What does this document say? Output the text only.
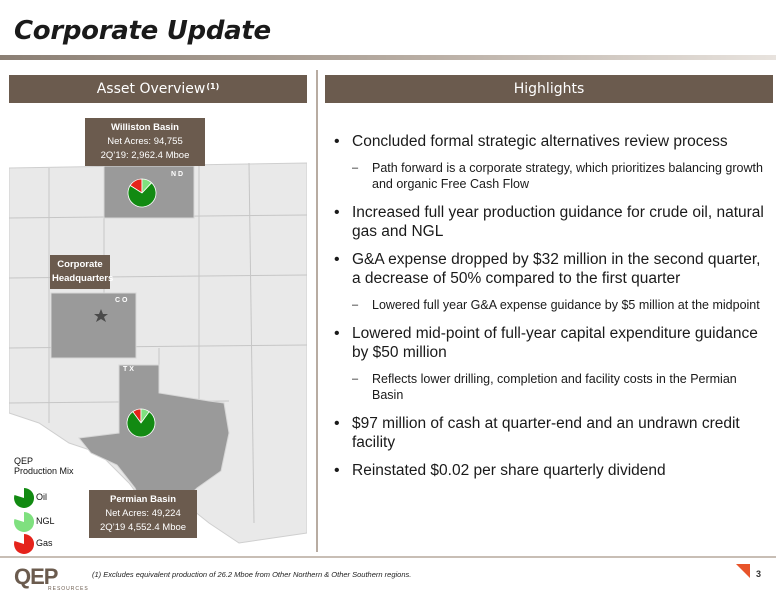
Corporate Update
Asset Overview$^{(1)}$	Highlights
ND
CO
TX
Williston Basin
Net Acres: 94,755
2Q’19: 2,962.4 Mboe
Corporate
Headquarters
Permian Basin
Net Acres: 49,224
2Q’19 4,552.4 Mboe
QEP Production Mix
Oil
NGL
Gas
• Concluded formal strategic alternatives review process
– Path forward is a corporate strategy, which prioritizes balancing growth and organic Free Cash Flow
• Increased full year production guidance for crude oil, natural gas and NGL
• G&A expense dropped by $32 million in the second quarter, a decrease of 50% compared to the first quarter
– Lowered full year G&A expense guidance by $5 million at the midpoint
• Lowered mid-point of full-year capital expenditure guidance by $50 million
– Reflects lower drilling, completion and facility costs in the Permian Basin
• $97 million of cash at quarter-end and an undrawn credit facility
• Reinstated $0.02 per share quarterly dividend
QEP
RESOURCES
(1) Excludes equivalent production of 26.2 Mboe from Other Northern & Other Southern regions.	3
